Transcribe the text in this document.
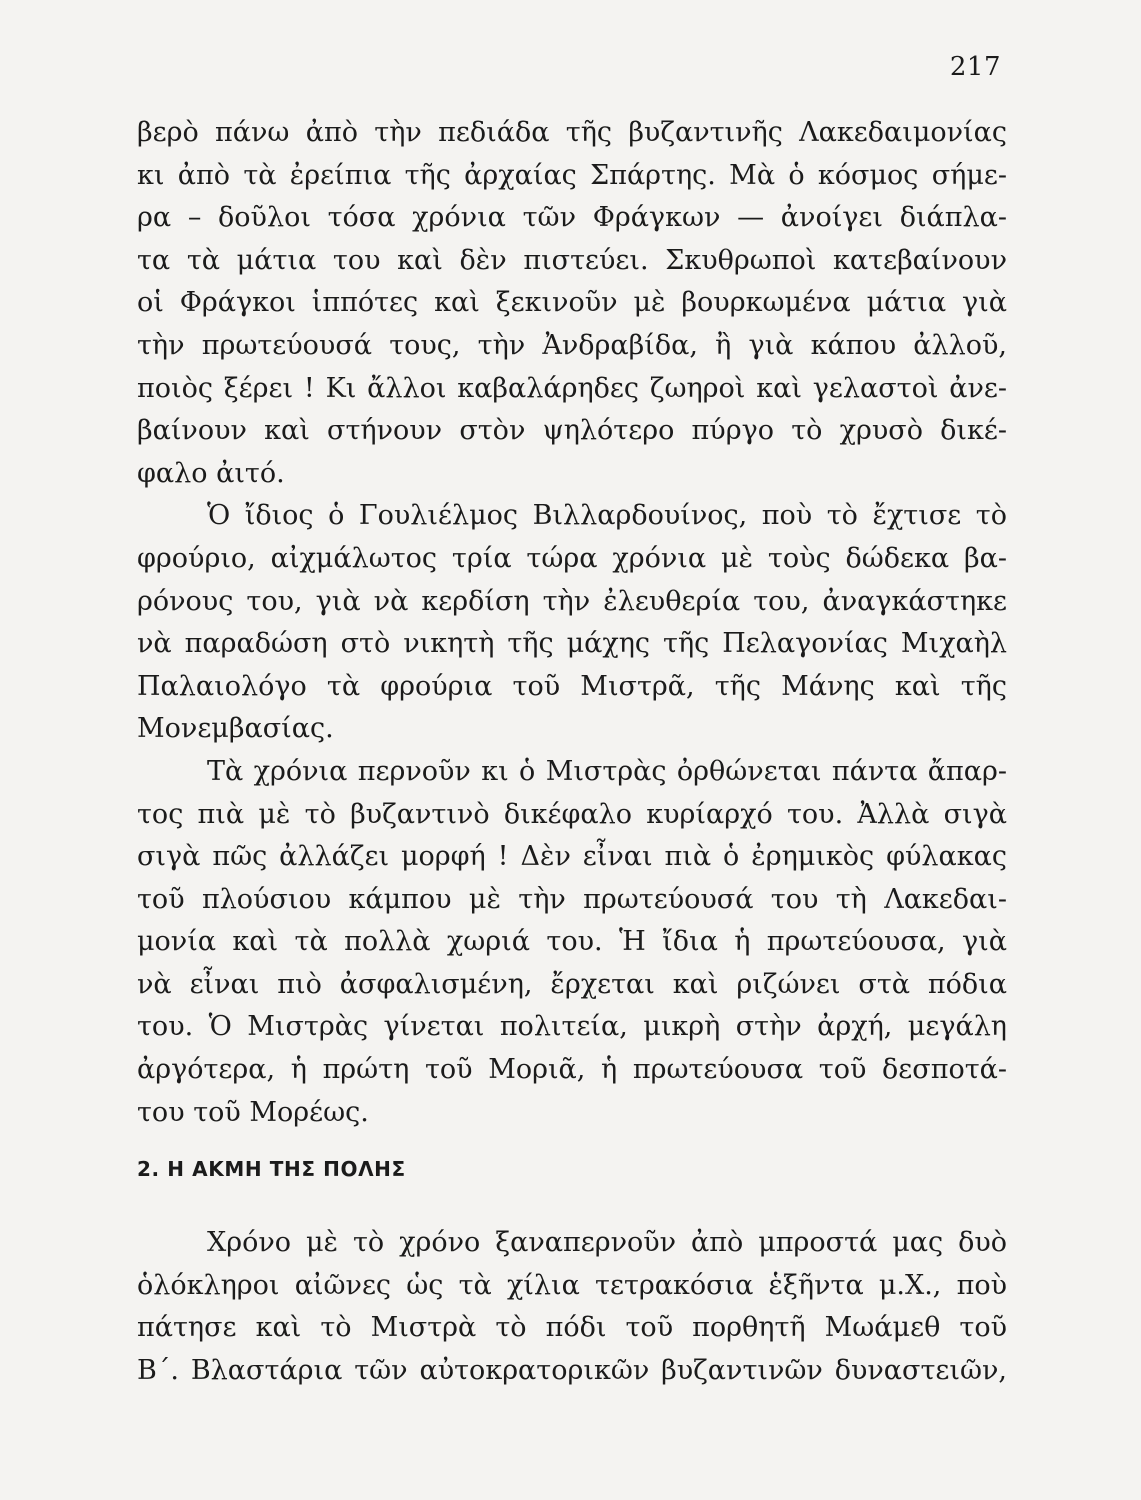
217
βερὸ πάνω ἀπὸ τὴν πεδιάδα τῆς βυζαντινῆς Λακεδαιμονίας
κι ἀπὸ τὰ ἐρείπια τῆς ἀρχαίας Σπάρτης. Μὰ ὁ κόσμος σήμε-
ρα – δοῦλοι τόσα χρόνια τῶν Φράγκων — ἀνοίγει διάπλα-
τα τὰ μάτια του καὶ δὲν πιστεύει. Σκυθρωποὶ κατεβαίνουν
οἱ Φράγκοι ἱππότες καὶ ξεκινοῦν μὲ βουρκωμένα μάτια γιὰ
τὴν πρωτεύουσά τους, τὴν Ἀνδραβίδα, ἢ γιὰ κάπου ἀλλοῦ,
ποιὸς ξέρει ! Κι ἄλλοι καβαλάρηδες ζωηροὶ καὶ γελαστοὶ ἀνε-
βαίνουν καὶ στήνουν στὸν ψηλότερο πύργο τὸ χρυσὸ δικέ-
φαλο ἀιτό.
Ὁ ἴδιος ὁ Γουλιέλμος Βιλλαρδουίνος, ποὺ τὸ ἔχτισε τὸ
φρούριο, αἰχμάλωτος τρία τώρα χρόνια μὲ τοὺς δώδεκα βα-
ρόνους του, γιὰ νὰ κερδίση τὴν ἐλευθερία του, ἀναγκάστηκε
νὰ παραδώση στὸ νικητὴ τῆς μάχης τῆς Πελαγονίας Μιχαὴλ
Παλαιολόγο τὰ φρούρια τοῦ Μιστρᾶ, τῆς Μάνης καὶ τῆς
Μονεμβασίας.
Τὰ χρόνια περνοῦν κι ὁ Μιστρὰς ὀρθώνεται πάντα ἄπαρ-
τος πιὰ μὲ τὸ βυζαντινὸ δικέφαλο κυρίαρχό του. Ἀλλὰ σιγὰ
σιγὰ πῶς ἀλλάζει μορφή ! Δὲν εἶναι πιὰ ὁ ἐρημικὸς φύλακας
τοῦ πλούσιου κάμπου μὲ τὴν πρωτεύουσά του τὴ Λακεδαι-
μονία καὶ τὰ πολλὰ χωριά του. Ἡ ἴδια ἡ πρωτεύουσα, γιὰ
νὰ εἶναι πιὸ ἀσφαλισμένη, ἔρχεται καὶ ριζώνει στὰ πόδια
του. Ὁ Μιστρὰς γίνεται πολιτεία, μικρὴ στὴν ἀρχή, μεγάλη
ἀργότερα, ἡ πρώτη τοῦ Μοριᾶ, ἡ πρωτεύουσα τοῦ δεσποτά-
του τοῦ Μορέως.
2. Η ΑΚΜΗ ΤΗΣ ΠΟΛΗΣ
Χρόνο μὲ τὸ χρόνο ξαναπερνοῦν ἀπὸ μπροστά μας δυὸ
ὁλόκληροι αἰῶνες ὡς τὰ χίλια τετρακόσια ἑξῆντα μ.Χ., ποὺ
πάτησε καὶ τὸ Μιστρὰ τὸ πόδι τοῦ πορθητῆ Μωάμεθ τοῦ
Β΄. Βλαστάρια τῶν αὐτοκρατορικῶν βυζαντινῶν δυναστειῶν,
